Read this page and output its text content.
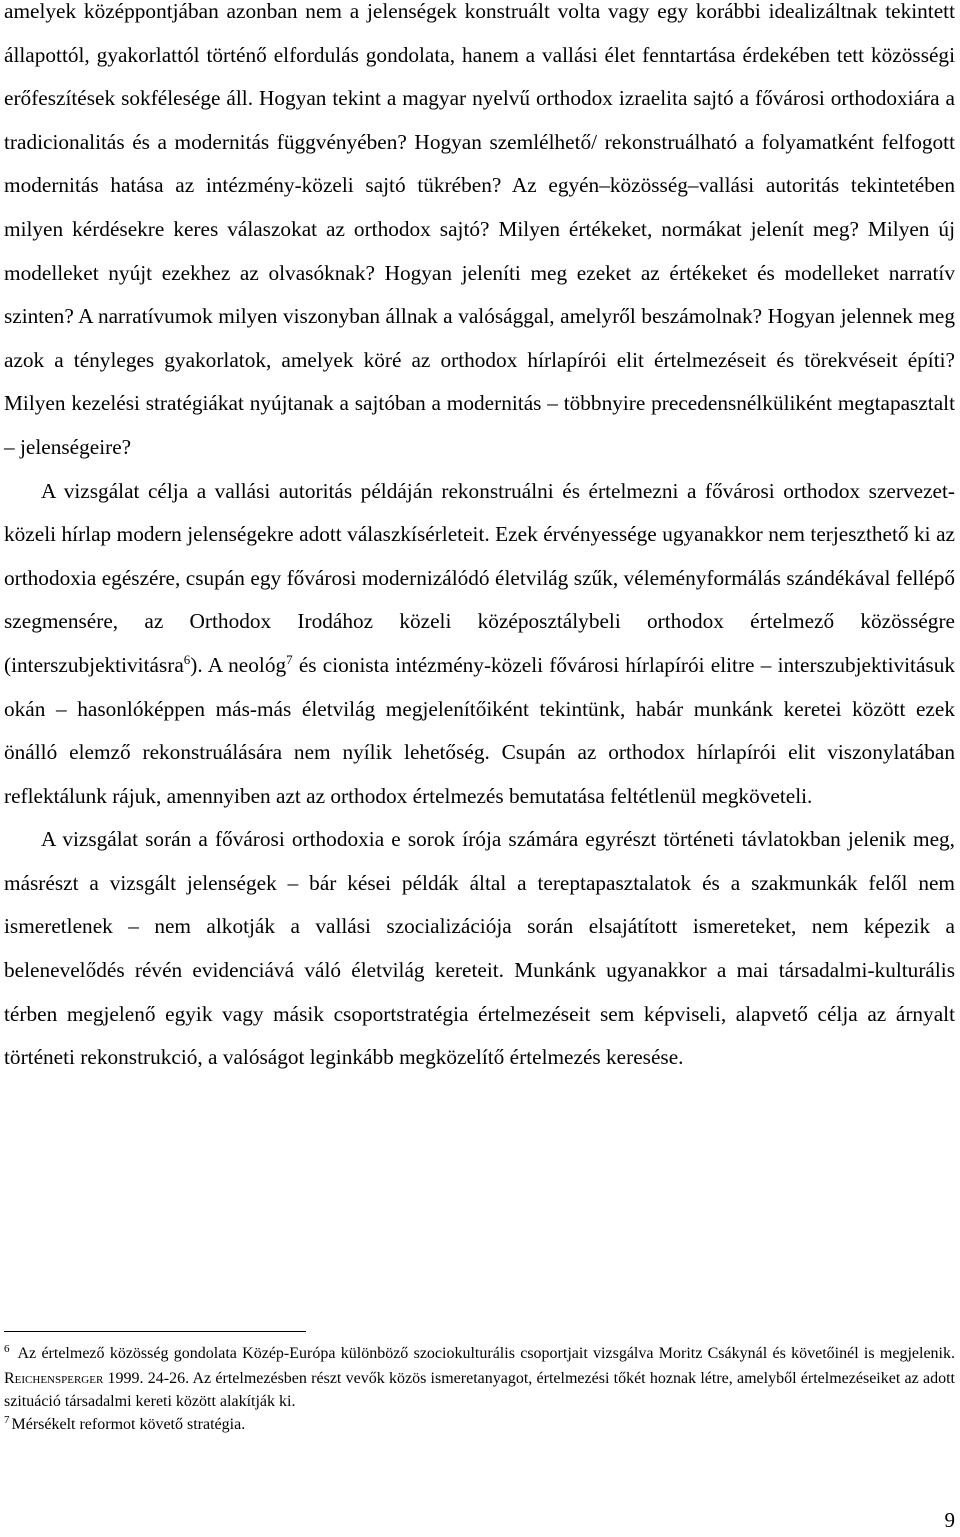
amelyek középpontjában azonban nem a jelenségek konstruált volta vagy egy korábbi idealizáltnak tekintett állapottól, gyakorlattól történő elfordulás gondolata, hanem a vallási élet fenntartása érdekében tett közösségi erőfeszítések sokfélesége áll. Hogyan tekint a magyar nyelvű orthodox izraelita sajtó a fővárosi orthodoxiára a tradicionalitás és a modernitás függvényében? Hogyan szemlélhető/ rekonstruálható a folyamatként felfogott modernitás hatása az intézmény-közeli sajtó tükrében? Az egyén–közösség–vallási autoritás tekintetében milyen kérdésekre keres válaszokat az orthodox sajtó? Milyen értékeket, normákat jelenít meg? Milyen új modelleket nyújt ezekhez az olvasóknak? Hogyan jeleníti meg ezeket az értékeket és modelleket narratív szinten? A narratívumok milyen viszonyban állnak a valósággal, amelyről beszámolnak? Hogyan jelennek meg azok a tényleges gyakorlatok, amelyek köré az orthodox hírlapírói elit értelmezéseit és törekvéseit építi? Milyen kezelési stratégiákat nyújtanak a sajtóban a modernitás – többnyire precedensnélküliként megtapasztalt – jelenségeire?

A vizsgálat célja a vallási autoritás példáján rekonstruálni és értelmezni a fővárosi orthodox szervezet-közeli hírlap modern jelenségekre adott válaszkísérleteit. Ezek érvényessége ugyanakkor nem terjeszthető ki az orthodoxia egészére, csupán egy fővárosi modernizálódó életvilág szűk, véleményformálás szándékával fellépő szegmensére, az Orthodox Irodához közeli középosztálybeli orthodox értelmező közösségre (interszubjektivitásra$^6$). A neológ$^7$ és cionista intézmény-közeli fővárosi hírlapírói elitre – interszubjektivitásuk okán – hasonlóképpen más-más életvilág megjelenítőiként tekintünk, habár munkánk keretei között ezek önálló elemző rekonstruálására nem nyílik lehetőség. Csupán az orthodox hírlapírói elit viszonylatában reflektálunk rájuk, amennyiben azt az orthodox értelmezés bemutatása feltétlenül megköveteli.

A vizsgálat során a fővárosi orthodoxia e sorok írója számára egyrészt történeti távlatokban jelenik meg, másrészt a vizsgált jelenségek – bár kései példák által a tereptapasztalatok és a szakmunkák felől nem ismeretlenek – nem alkotják a vallási szocializációja során elsajátított ismereteket, nem képezik a belenevelődés révén evidenciává váló életvilág kereteit. Munkánk ugyanakkor a mai társadalmi-kulturális térben megjelenő egyik vagy másik csoportstratégia értelmezéseit sem képviseli, alapvető célja az árnyalt történeti rekonstrukció, a valóságot leginkább megközelítő értelmezés keresése.

$^6$ Az értelmező közösség gondolata Közép-Európa különböző szociokulturális csoportjait vizsgálva Moritz Csákynál és követőinél is megjelenik. Reichensperger 1999. 24-26. Az értelmezésben részt vevők közös ismeretanyagot, értelmezési tőkét hoznak létre, amelyből értelmezéseiket az adott szituáció társadalmi kereti között alakítják ki.

$^7$ Mérsékelt reformot követő stratégia.

9
